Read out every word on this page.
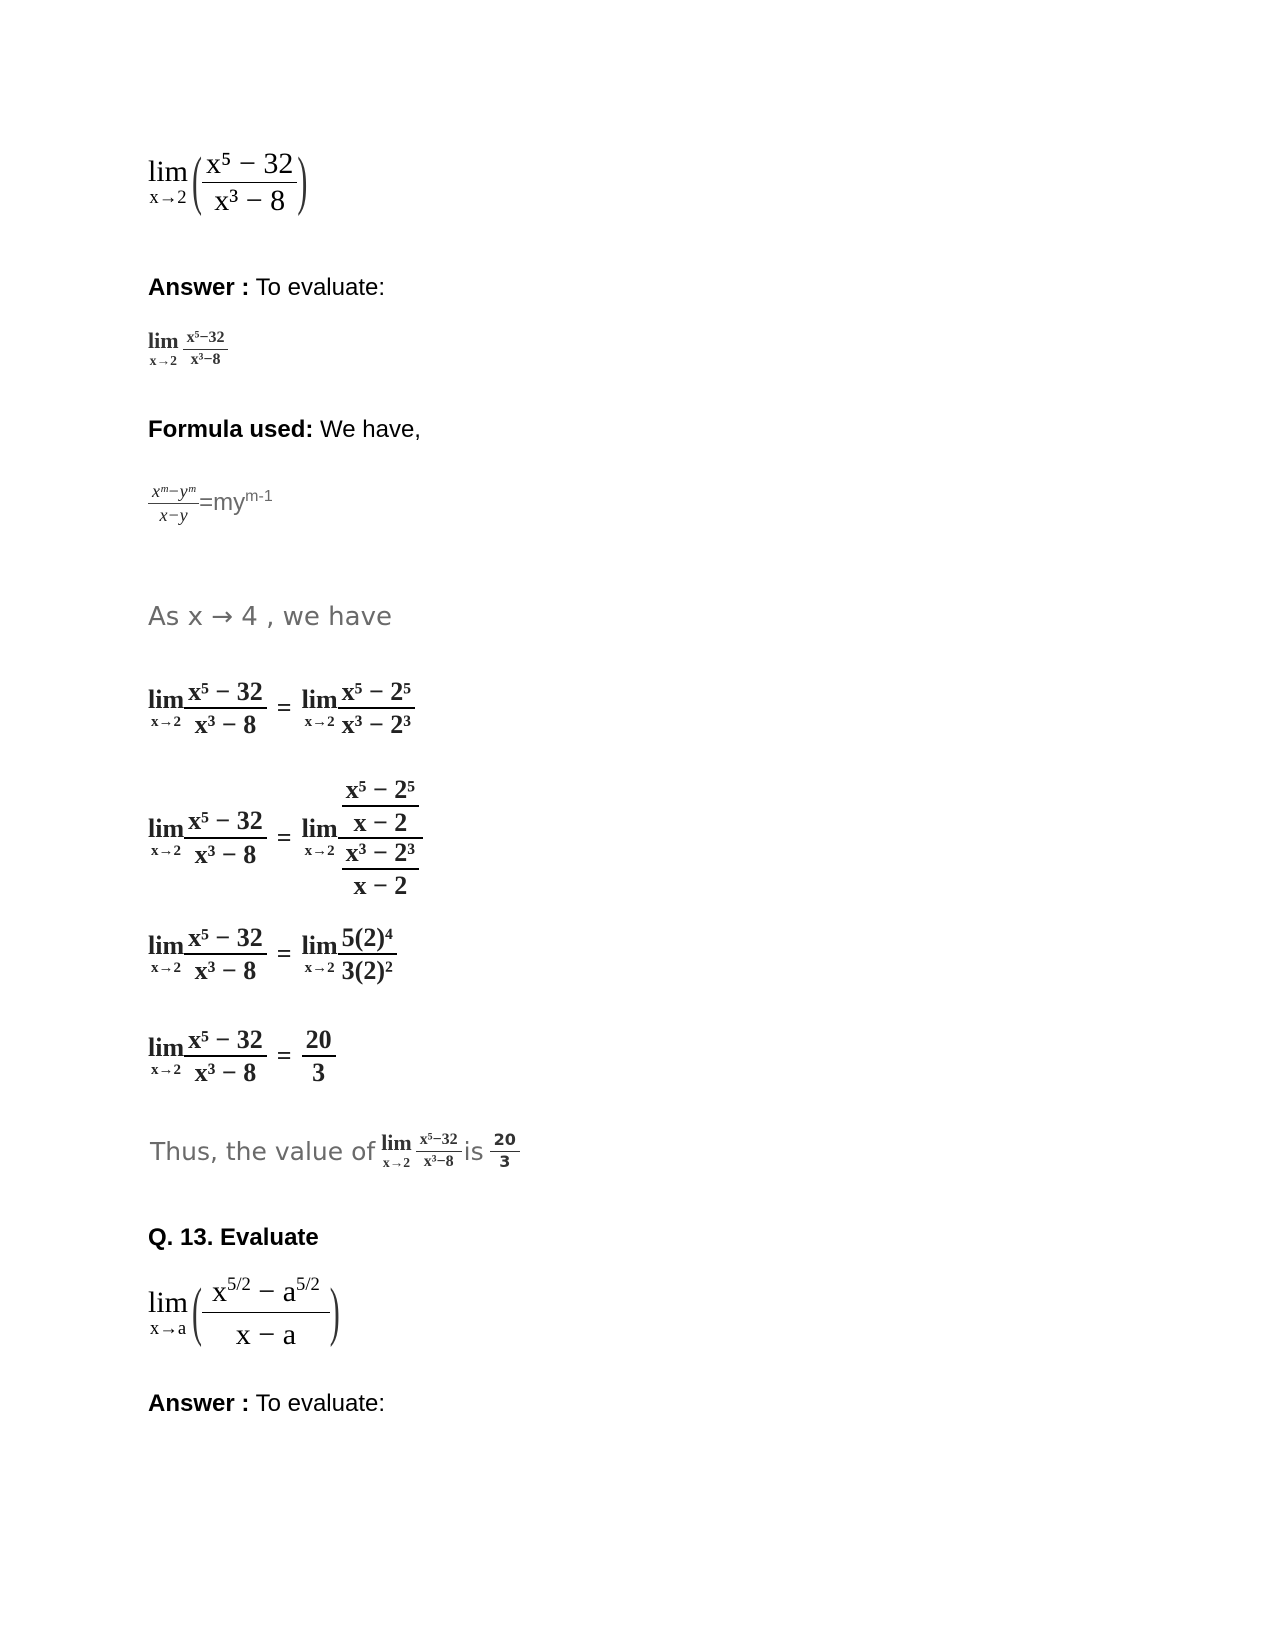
lim
x→2 ( $\frac{\text{x⁵ − 32}}{\text{x³ − 8}}$ )
Answer : To evaluate:
lim
$x\to 2 \frac{\text{x⁵−32}}{\text{x³−8}}$
Formula used: We have,
$\frac{\text{xᵐ−yᵐ}}{x-y} =my^{m-1}$
As x → 4 , we have
lim
$x\to 2 \frac{\text{x⁵ − 32}}{\text{x³ − 8}} = \lim$
$x\to 2 \frac{\text{x⁵ − 2⁵}}{\text{x³ − 2³}}$
lim
$x\to 2 \frac{\text{x⁵ − 32}}{\text{x³ − 8}} = \lim$
$x\to 2 \frac{\frac{\text{x⁵ − 2⁵}}{x - 2}}{\frac{\text{x³ − 2³}}{x - 2}}$
lim
$x\to 2 \frac{\text{x⁵ − 32}}{\text{x³ − 8}} = \lim$
$x\to 2 \frac{\text{5(2)⁴}}{\text{3(2)²}}$
lim
$x\to 2 \frac{\text{x⁵ − 32}}{\text{x³ − 8}} = \frac{20}{3}$
Thus, the value of lim
$x\to 2 \frac{\text{x⁵−32}}{\text{x³−8}}$ is $\frac{20}{3}$
Q. 13. Evaluate
lim
x→a ( $\frac{x^{5/2} - a^{5/2}}{x - a}$ )
Answer : To evaluate:
